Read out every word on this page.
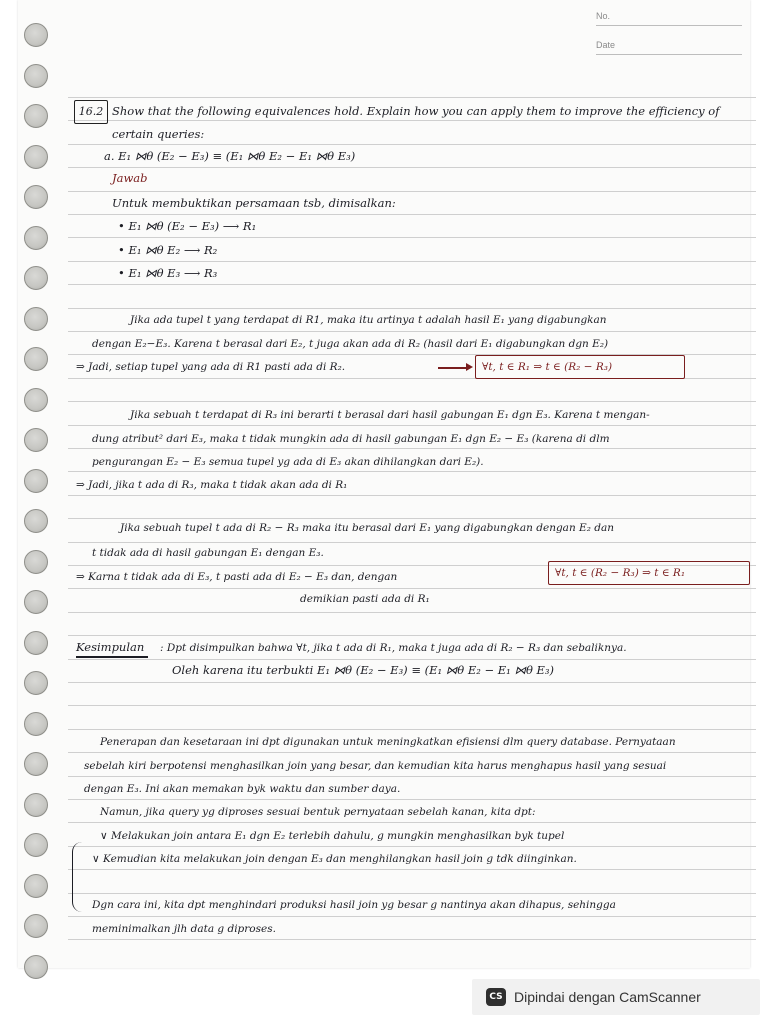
No.
Date
16.2 Show that the following equivalences hold. Explain how you can apply them to improve the efficiency of
certain queries:
a. E₁ ⋈θ (E₂ − E₃) ≡ (E₁ ⋈θ E₂ − E₁ ⋈θ E₃)
Jawab
Untuk membuktikan persamaan tsb, dimisalkan:
• E₁ ⋈θ (E₂ − E₃) ⟶ R₁
• E₁ ⋈θ E₂ ⟶ R₂
• E₁ ⋈θ E₃ ⟶ R₃
Jika ada tupel t yang terdapat di R1, maka itu artinya t adalah hasil E₁ yang digabungkan
dengan E₂−E₃. Karena t berasal dari E₂, t juga akan ada di R₂ (hasil dari E₁ digabungkan dgn E₂)
⇒ Jadi, setiap tupel yang ada di R1 pasti ada di R₂.	∀t, t ∈ R₁ ⇒ t ∈ (R₂ − R₃)
Jika sebuah t terdapat di R₃ ini berarti t berasal dari hasil gabungan E₁ dgn E₃. Karena t mengan-
dung atribut² dari E₃, maka t tidak mungkin ada di hasil gabungan E₁ dgn E₂ − E₃ (karena di dlm
pengurangan E₂ − E₃ semua tupel yg ada di E₃ akan dihilangkan dari E₂).
⇒ Jadi, jika t ada di R₃, maka t tidak akan ada di R₁
Jika sebuah tupel t ada di R₂ − R₃ maka itu berasal dari E₁ yang digabungkan dengan E₂ dan
t tidak ada di hasil gabungan E₁ dengan E₃.
⇒ Karna t tidak ada di E₃, t pasti ada di E₂ − E₃ dan, dengan
demikian pasti ada di R₁
∀t, t ∈ (R₂ − R₃) ⇒ t ∈ R₁
Kesimpulan : Dpt disimpulkan bahwa ∀t, jika t ada di R₁, maka t juga ada di R₂ − R₃ dan sebaliknya.
Oleh karena itu terbukti E₁ ⋈θ (E₂ − E₃) ≡ (E₁ ⋈θ E₂ − E₁ ⋈θ E₃)
Penerapan dan kesetaraan ini dpt digunakan untuk meningkatkan efisiensi dlm query database. Pernyataan
sebelah kiri berpotensi menghasilkan join yang besar, dan kemudian kita harus menghapus hasil yang sesuai
dengan E₃. Ini akan memakan byk waktu dan sumber daya.
Namun, jika query yg diproses sesuai bentuk pernyataan sebelah kanan, kita dpt:
∨ Melakukan join antara E₁ dgn E₂ terlebih dahulu, g mungkin menghasilkan byk tupel
∨ Kemudian kita melakukan join dengan E₃ dan menghilangkan hasil join g tdk diinginkan.
Dgn cara ini, kita dpt menghindari produksi hasil join yg besar g nantinya akan dihapus, sehingga
meminimalkan jlh data g diproses.
CS Dipindai dengan CamScanner
